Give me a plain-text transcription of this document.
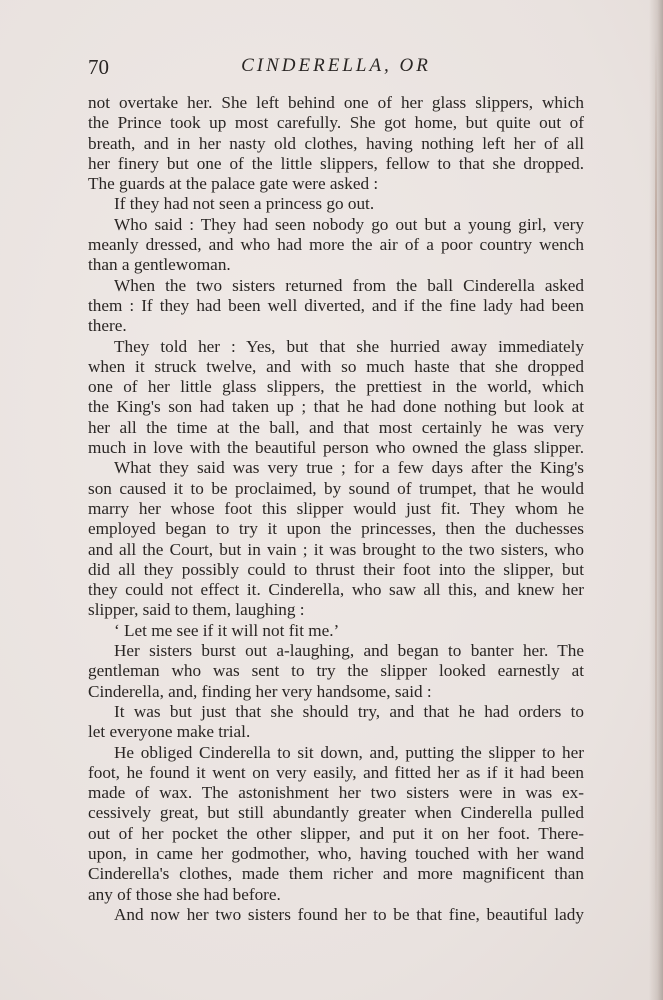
70	CINDERELLA, OR
not overtake her. She left behind one of her glass slippers, which
the Prince took up most carefully. She got home, but quite out of
breath, and in her nasty old clothes, having nothing left her of all
her finery but one of the little slippers, fellow to that she dropped.
The guards at the palace gate were asked :
If they had not seen a princess go out.
Who said : They had seen nobody go out but a young girl, very
meanly dressed, and who had more the air of a poor country wench
than a gentlewoman.
When the two sisters returned from the ball Cinderella asked
them : If they had been well diverted, and if the fine lady had been
there.
They told her : Yes, but that she hurried away immediately
when it struck twelve, and with so much haste that she dropped
one of her little glass slippers, the prettiest in the world, which
the King's son had taken up ; that he had done nothing but look at
her all the time at the ball, and that most certainly he was very
much in love with the beautiful person who owned the glass slipper.
What they said was very true ; for a few days after the King's
son caused it to be proclaimed, by sound of trumpet, that he would
marry her whose foot this slipper would just fit. They whom he
employed began to try it upon the princesses, then the duchesses
and all the Court, but in vain ; it was brought to the two sisters, who
did all they possibly could to thrust their foot into the slipper, but
they could not effect it. Cinderella, who saw all this, and knew her
slipper, said to them, laughing :
‘ Let me see if it will not fit me.’
Her sisters burst out a-laughing, and began to banter her. The
gentleman who was sent to try the slipper looked earnestly at
Cinderella, and, finding her very handsome, said :
It was but just that she should try, and that he had orders to
let everyone make trial.
He obliged Cinderella to sit down, and, putting the slipper to her
foot, he found it went on very easily, and fitted her as if it had been
made of wax. The astonishment her two sisters were in was ex-
cessively great, but still abundantly greater when Cinderella pulled
out of her pocket the other slipper, and put it on her foot. There-
upon, in came her godmother, who, having touched with her wand
Cinderella's clothes, made them richer and more magnificent than
any of those she had before.
And now her two sisters found her to be that fine, beautiful lady
